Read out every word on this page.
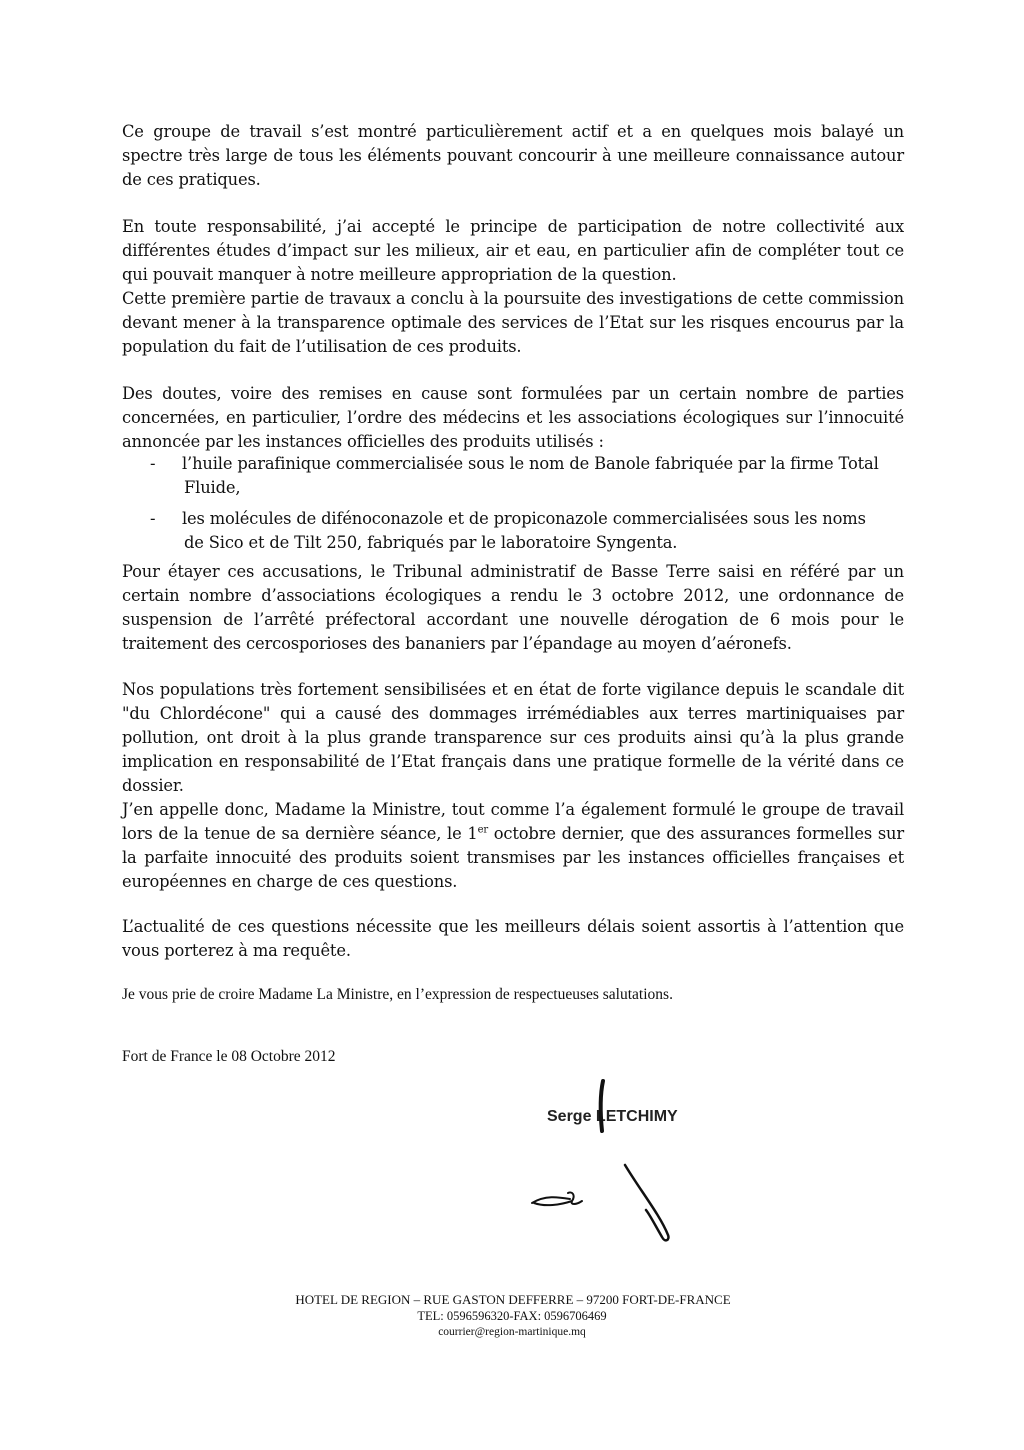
Ce groupe de travail s’est montré particulièrement actif et a en quelques mois balayé un spectre très large de tous les éléments pouvant concourir à une meilleure connaissance autour de ces pratiques.

En toute responsabilité, j’ai accepté le principe de participation de notre collectivité aux différentes études d’impact sur les milieux, air et eau, en particulier afin de compléter tout ce qui pouvait manquer à notre meilleure appropriation de la question.
Cette première partie de travaux a conclu à la poursuite des investigations de cette commission devant mener à la transparence optimale des services de l’Etat sur les risques encourus par la population du fait de l’utilisation de ces produits.

Des doutes, voire des remises en cause sont formulées par un certain nombre de parties concernées, en particulier, l’ordre des médecins et les associations écologiques sur l’innocuité annoncée par les instances officielles des produits utilisés :

- l’huile parafinique commercialisée sous le nom de Banole fabriquée par la firme Total
Fluide,
- les molécules de difénoconazole et de propiconazole commercialisées sous les noms
de Sico et de Tilt 250, fabriqués par le laboratoire Syngenta.

Pour étayer ces accusations, le Tribunal administratif de Basse Terre saisi en référé par un certain nombre d’associations écologiques a rendu le 3 octobre 2012, une ordonnance de suspension de l’arrêté préfectoral accordant une nouvelle dérogation de 6 mois pour le traitement des cercosporioses des bananiers par l’épandage au moyen d’aéronefs.

Nos populations très fortement sensibilisées et en état de forte vigilance depuis le scandale dit "du Chlordécone" qui a causé des dommages irrémédiables aux terres martiniquaises par pollution, ont droit à la plus grande transparence sur ces produits ainsi qu’à la plus grande implication en responsabilité de l’Etat français dans une pratique formelle de la vérité dans ce dossier.
J’en appelle donc, Madame la Ministre, tout comme l’a également formulé le groupe de travail lors de la tenue de sa dernière séance, le 1er octobre dernier, que des assurances formelles sur la parfaite innocuité des produits soient transmises par les instances officielles françaises et européennes en charge de ces questions.

L’actualité de ces questions nécessite que les meilleurs délais soient assortis à l’attention que vous porterez à ma requête.

Je vous prie de croire Madame La Ministre, en l’expression de respectueuses salutations.

Fort de France le 08 Octobre 2012

Serge LETCHIMY

HOTEL DE REGION – RUE GASTON DEFFERRE – 97200 FORT-DE-FRANCE
TEL: 0596596320-FAX: 0596706469
courrier@region-martinique.mq
